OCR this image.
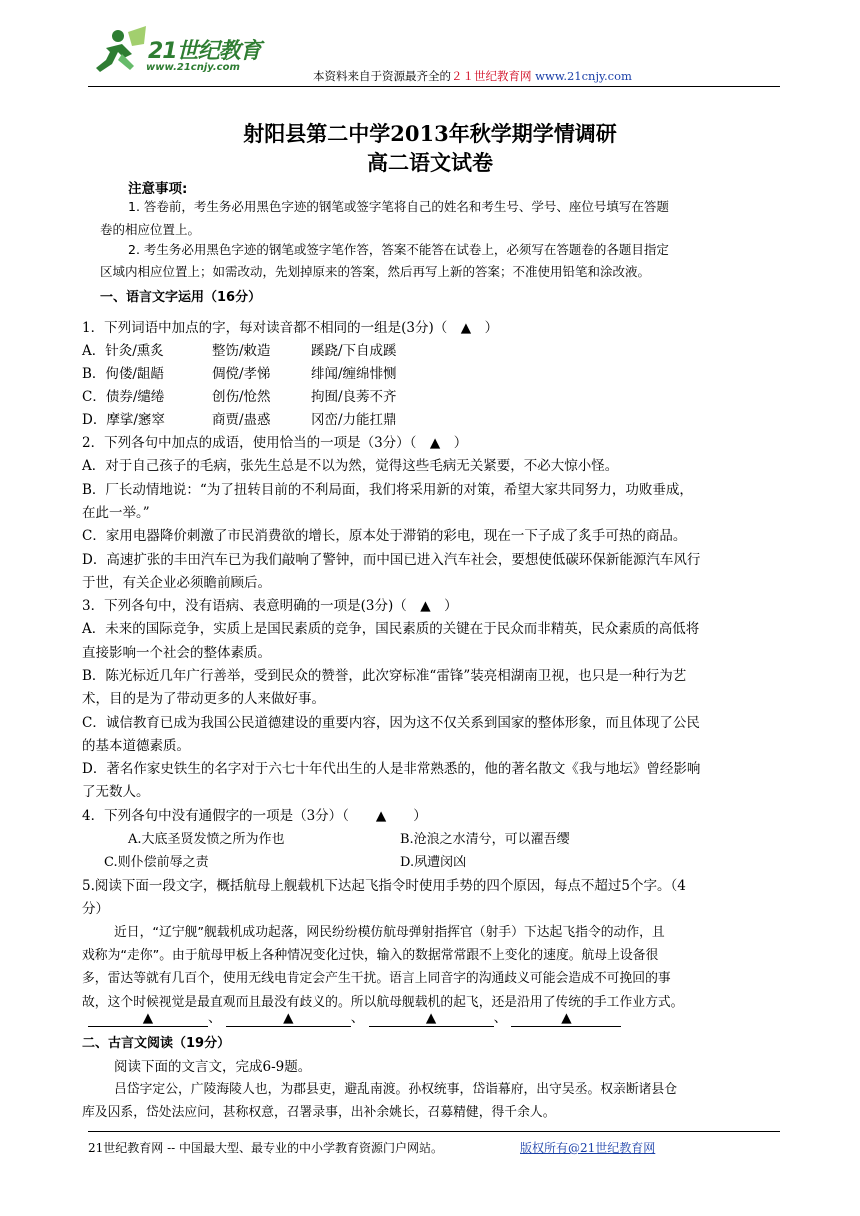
21世纪教育
www.21cnjy.com
本资料来自于资源最齐全的２１世纪教育网 www.21cnjy.com
射阳县第二中学2013年秋学期学情调研
高二语文试卷
注意事项:
1. 答卷前，考生务必用黑色字迹的钢笔或签字笔将自己的姓名和考生号、学号、座位号填写在答题
卷的相应位置上。
2. 考生务必用黑色字迹的钢笔或签字笔作答，答案不能答在试卷上，必须写在答题卷的各题目指定
区域内相应位置上；如需改动，先划掉原来的答案，然后再写上新的答案；不准使用铅笔和涂改液。
一、语言文字运用（16分）
1．下列词语中加点的字，每对读音都不相同的一组是(3分)（　▲　）
A．针灸/熏炙	整饬/敕造	蹊跷/下自成蹊
B．佝偻/龃龉	倜傥/孝悌	绯闻/缠绵悱恻
C．债券/缱绻	创伤/怆然	拘囿/良莠不齐
D．摩挲/窸窣	商贾/蛊惑	冈峦/力能扛鼎
2．下列各句中加点的成语，使用恰当的一项是（3分）（　▲　）
A．对于自己孩子的毛病，张先生总是不以为然，觉得这些毛病无关紧要，不必大惊小怪。
B．厂长动情地说：“为了扭转目前的不利局面，我们将采用新的对策，希望大家共同努力，功败垂成，
在此一举。”
C．家用电器降价刺激了市民消费欲的增长，原本处于滞销的彩电，现在一下子成了炙手可热的商品。
D．高速扩张的丰田汽车已为我们敲响了警钟，而中国已进入汽车社会，要想使低碳环保新能源汽车风行
于世，有关企业必须瞻前顾后。
3．下列各句中，没有语病、表意明确的一项是(3分)（　▲　）
A．未来的国际竞争，实质上是国民素质的竞争，国民素质的关键在于民众而非精英，民众素质的高低将
直接影响一个社会的整体素质。
B．陈光标近几年广行善举，受到民众的赞誉，此次穿标准“雷锋”装亮相湖南卫视，也只是一种行为艺
术，目的是为了带动更多的人来做好事。
C．诚信教育已成为我国公民道德建设的重要内容，因为这不仅关系到国家的整体形象，而且体现了公民
的基本道德素质。
D．著名作家史铁生的名字对于六七十年代出生的人是非常熟悉的，他的著名散文《我与地坛》曾经影响
了无数人。
4．下列各句中没有通假字的一项是（3分）（　　▲　　）
A.大底圣贤发愤之所为作也	B.沧浪之水清兮，可以濯吾缨
C.则仆偿前辱之责	D.夙遭闵凶
5.阅读下面一段文字，概括航母上舰载机下达起飞指令时使用手势的四个原因，每点不超过5个字。（4
分）
近日，“辽宁舰”舰载机成功起落，网民纷纷模仿航母弹射指挥官（射手）下达起飞指令的动作，且
戏称为“走你”。由于航母甲板上各种情况变化过快，输入的数据常常跟不上变化的速度。航母上设备很
多，雷达等就有几百个，使用无线电肯定会产生干扰。语言上同音字的沟通歧义可能会造成不可挽回的事
故，这个时候视觉是最直观而且最没有歧义的。所以航母舰载机的起飞，还是沿用了传统的手工作业方式。
▲	、	▲	、	▲	、	▲
二、古言文阅读（19分）
阅读下面的文言文，完成6-9题。
吕岱字定公，广陵海陵人也，为郡县吏，避乱南渡。孙权统事，岱诣幕府，出守吴丞。权亲断诸县仓
库及囚系，岱处法应问，甚称权意，召署录事，出补余姚长，召募精健，得千余人。
21世纪教育网 -- 中国最大型、最专业的中小学教育资源门户网站。	版权所有@21世纪教育网
